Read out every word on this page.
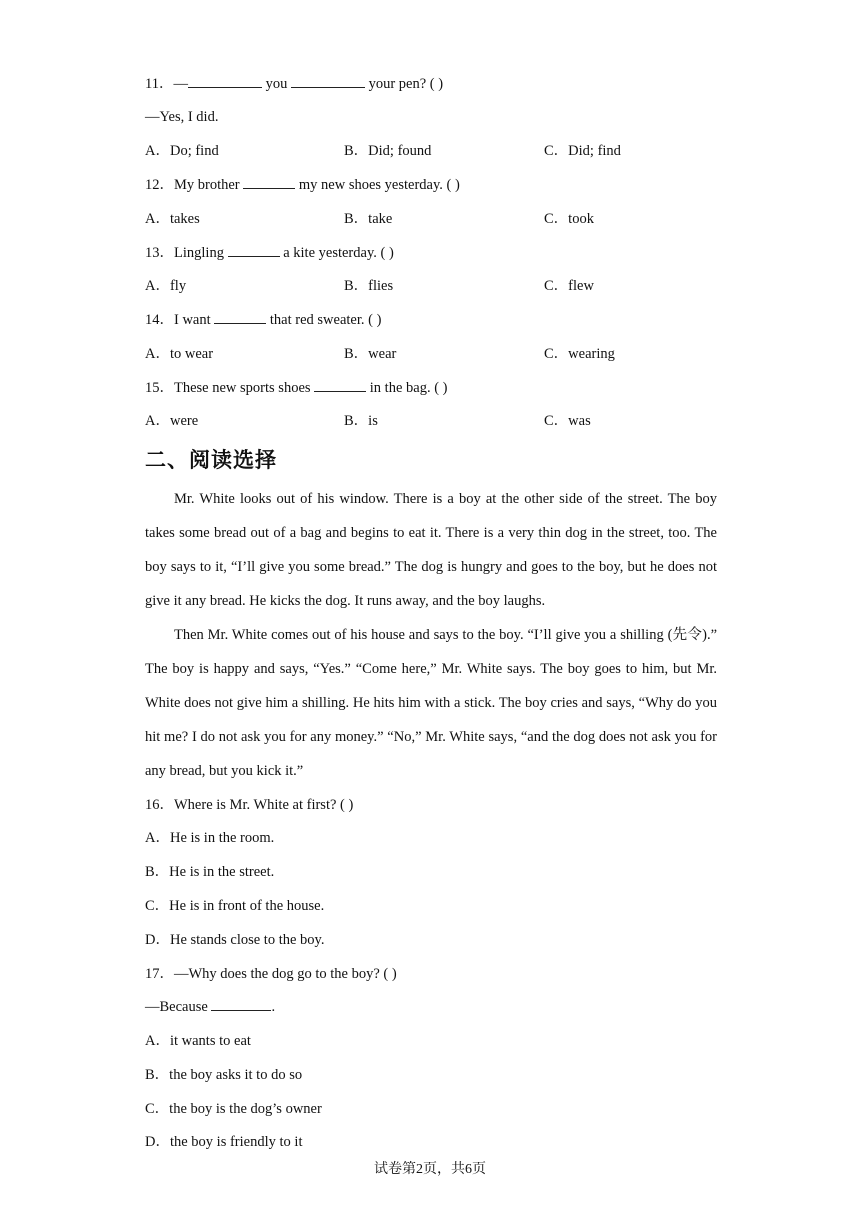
11．—	you	your pen? ( )
—Yes, I did.
A．Do; find	B．Did; found	C．Did; find
12．My brother	my new shoes yesterday. ( )
A．takes	B．take	C．took
13．Lingling	a kite yesterday. ( )
A．fly	B．flies	C．flew
14．I want	that red sweater. ( )
A．to wear	B．wear	C．wearing
15．These new sports shoes	in the bag. ( )
A．were	B．is	C．was
二、阅读选择
Mr. White looks out of his window. There is a boy at the other side of the street. The boy takes some bread out of a bag and begins to eat it. There is a very thin dog in the street, too. The boy says to it, “I’ll give you some bread.” The dog is hungry and goes to the boy, but he does not give it any bread. He kicks the dog. It runs away, and the boy laughs.
Then Mr. White comes out of his house and says to the boy. “I’ll give you a shilling (先令).” The boy is happy and says, “Yes.” “Come here,” Mr. White says. The boy goes to him, but Mr. White does not give him a shilling. He hits him with a stick. The boy cries and says, “Why do you hit me? I do not ask you for any money.” “No,” Mr. White says, “and the dog does not ask you for any bread, but you kick it.”
16．Where is Mr. White at first? ( )
A．He is in the room.
B．He is in the street.
C．He is in front of the house.
D．He stands close to the boy.
17．—Why does the dog go to the boy? ( )
—Because	.
A．it wants to eat
B．the boy asks it to do so
C．the boy is the dog’s owner
D．the boy is friendly to it
试卷第2页，共6页
